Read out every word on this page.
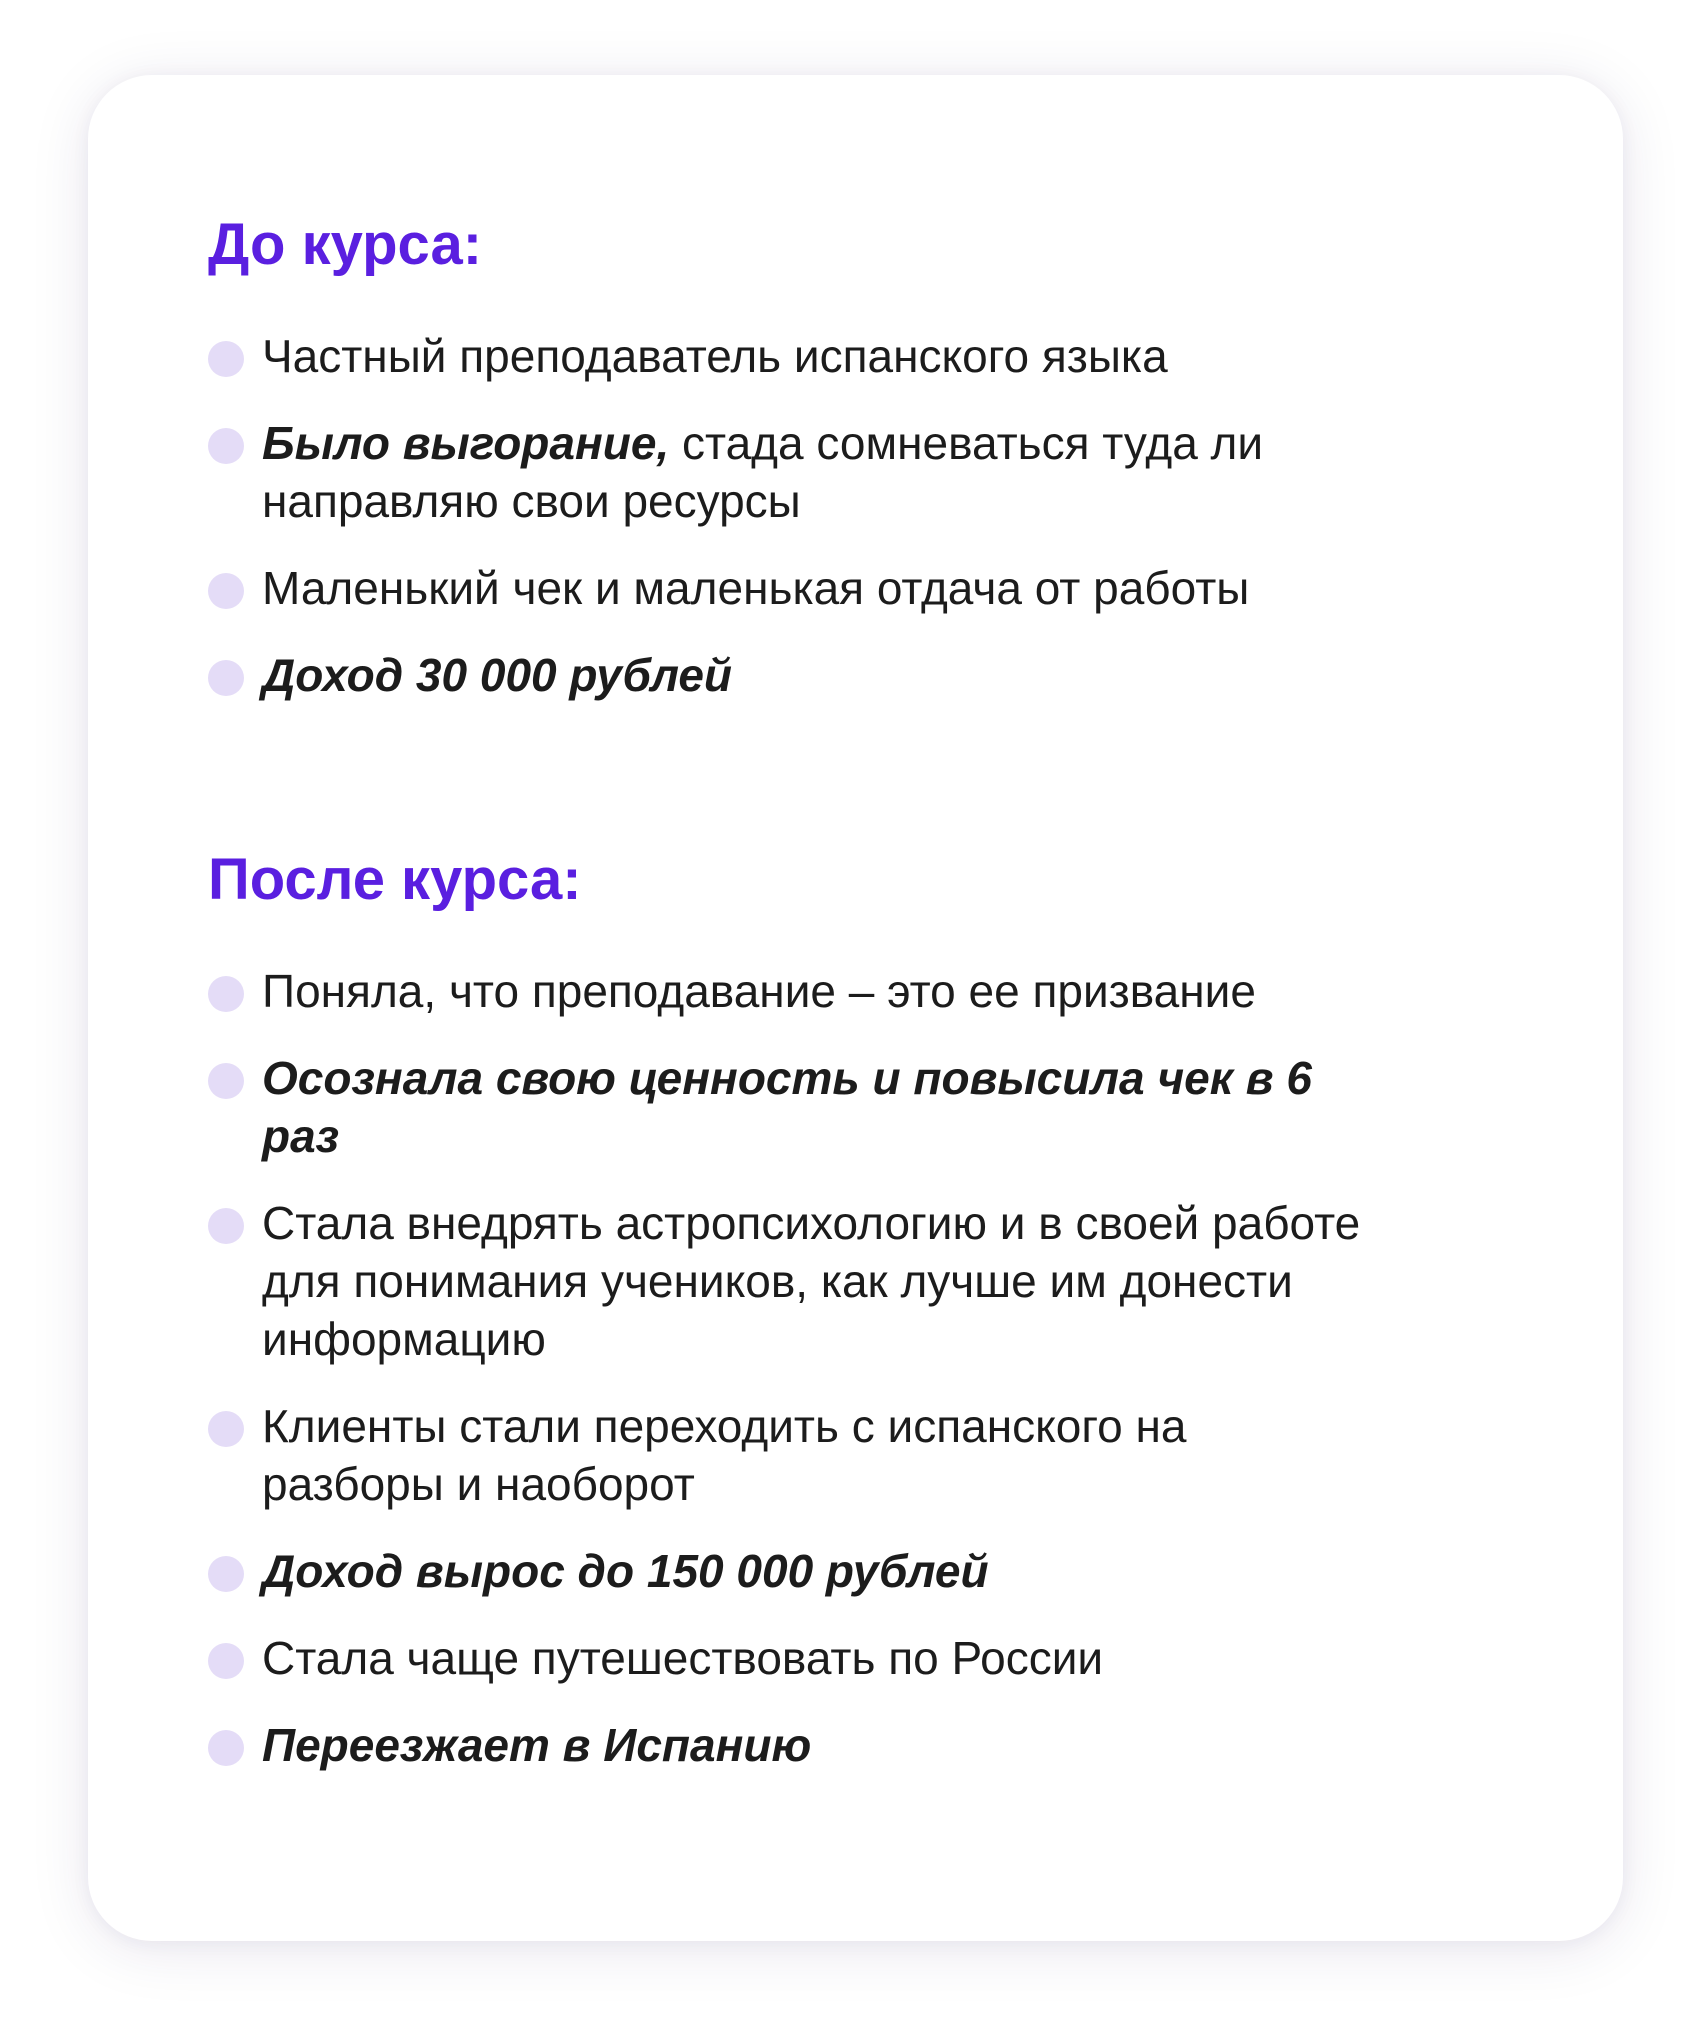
До курса:
Частный преподаватель испанского языка
Было выгорание, стада сомневаться туда ли направляю свои ресурсы
Маленький чек и маленькая отдача от работы
Доход 30 000 рублей
После курса:
Поняла, что преподавание – это ее призвание
Осознала свою ценность и повысила чек в 6 раз
Стала внедрять астропсихологию и в своей работе для понимания учеников, как лучше им донести информацию
Клиенты стали переходить с испанского на разборы и наоборот
Доход вырос до 150 000 рублей
Стала чаще путешествовать по России
Переезжает в Испанию
